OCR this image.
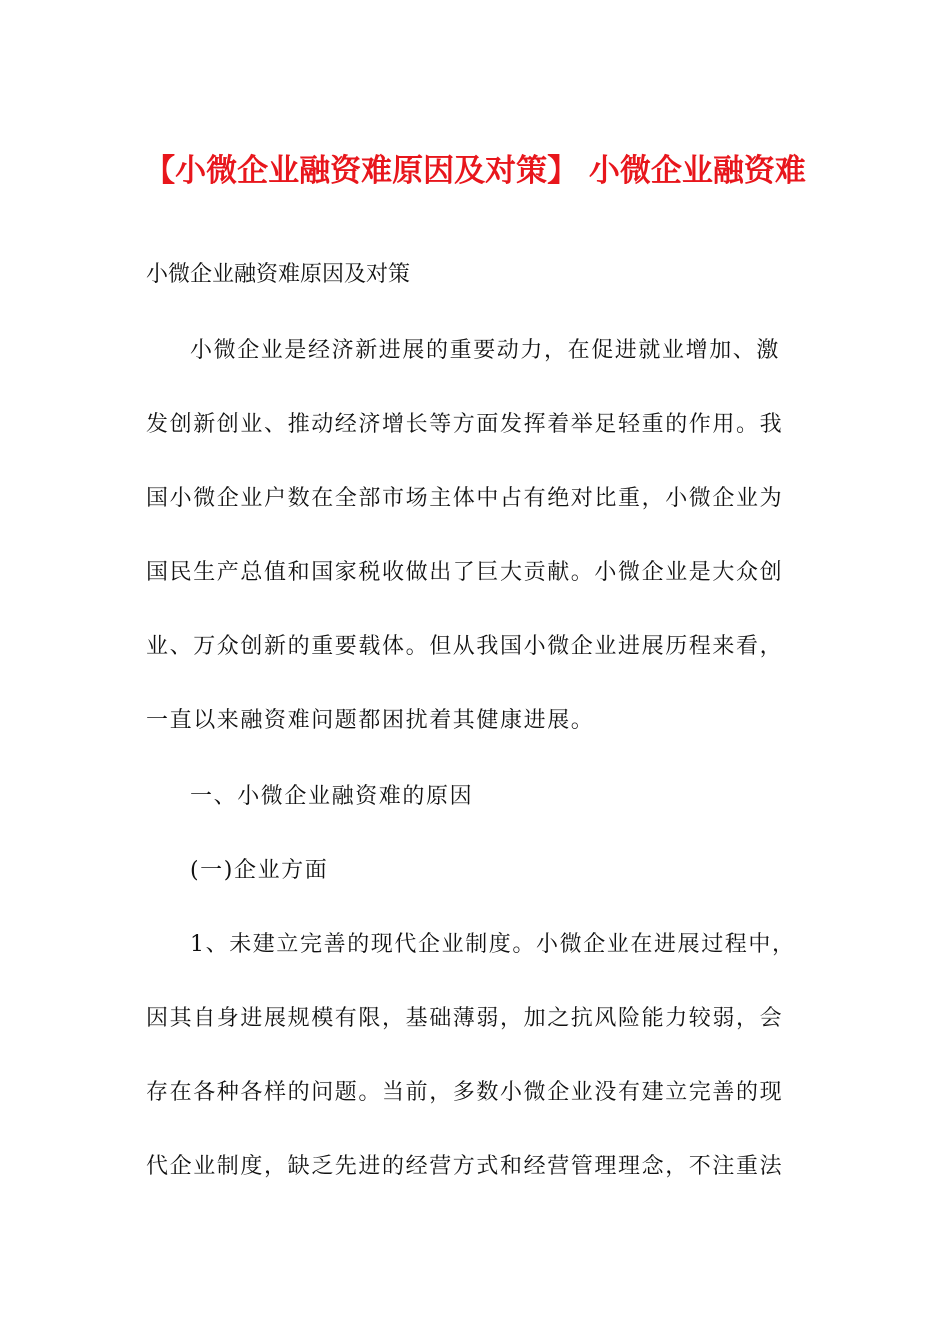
【小微企业融资难原因及对策】 小微企业融资难

小微企业融资难原因及对策

小微企业是经济新进展的重要动力，在促进就业增加、激

发创新创业、推动经济增长等方面发挥着举足轻重的作用。我

国小微企业户数在全部市场主体中占有绝对比重，小微企业为

国民生产总值和国家税收做出了巨大贡献。小微企业是大众创

业、万众创新的重要载体。但从我国小微企业进展历程来看，

一直以来融资难问题都困扰着其健康进展。

一、小微企业融资难的原因

(一)企业方面

1、未建立完善的现代企业制度。小微企业在进展过程中，

因其自身进展规模有限，基础薄弱，加之抗风险能力较弱，会

存在各种各样的问题。当前，多数小微企业没有建立完善的现

代企业制度，缺乏先进的经营方式和经营管理理念，不注重法
